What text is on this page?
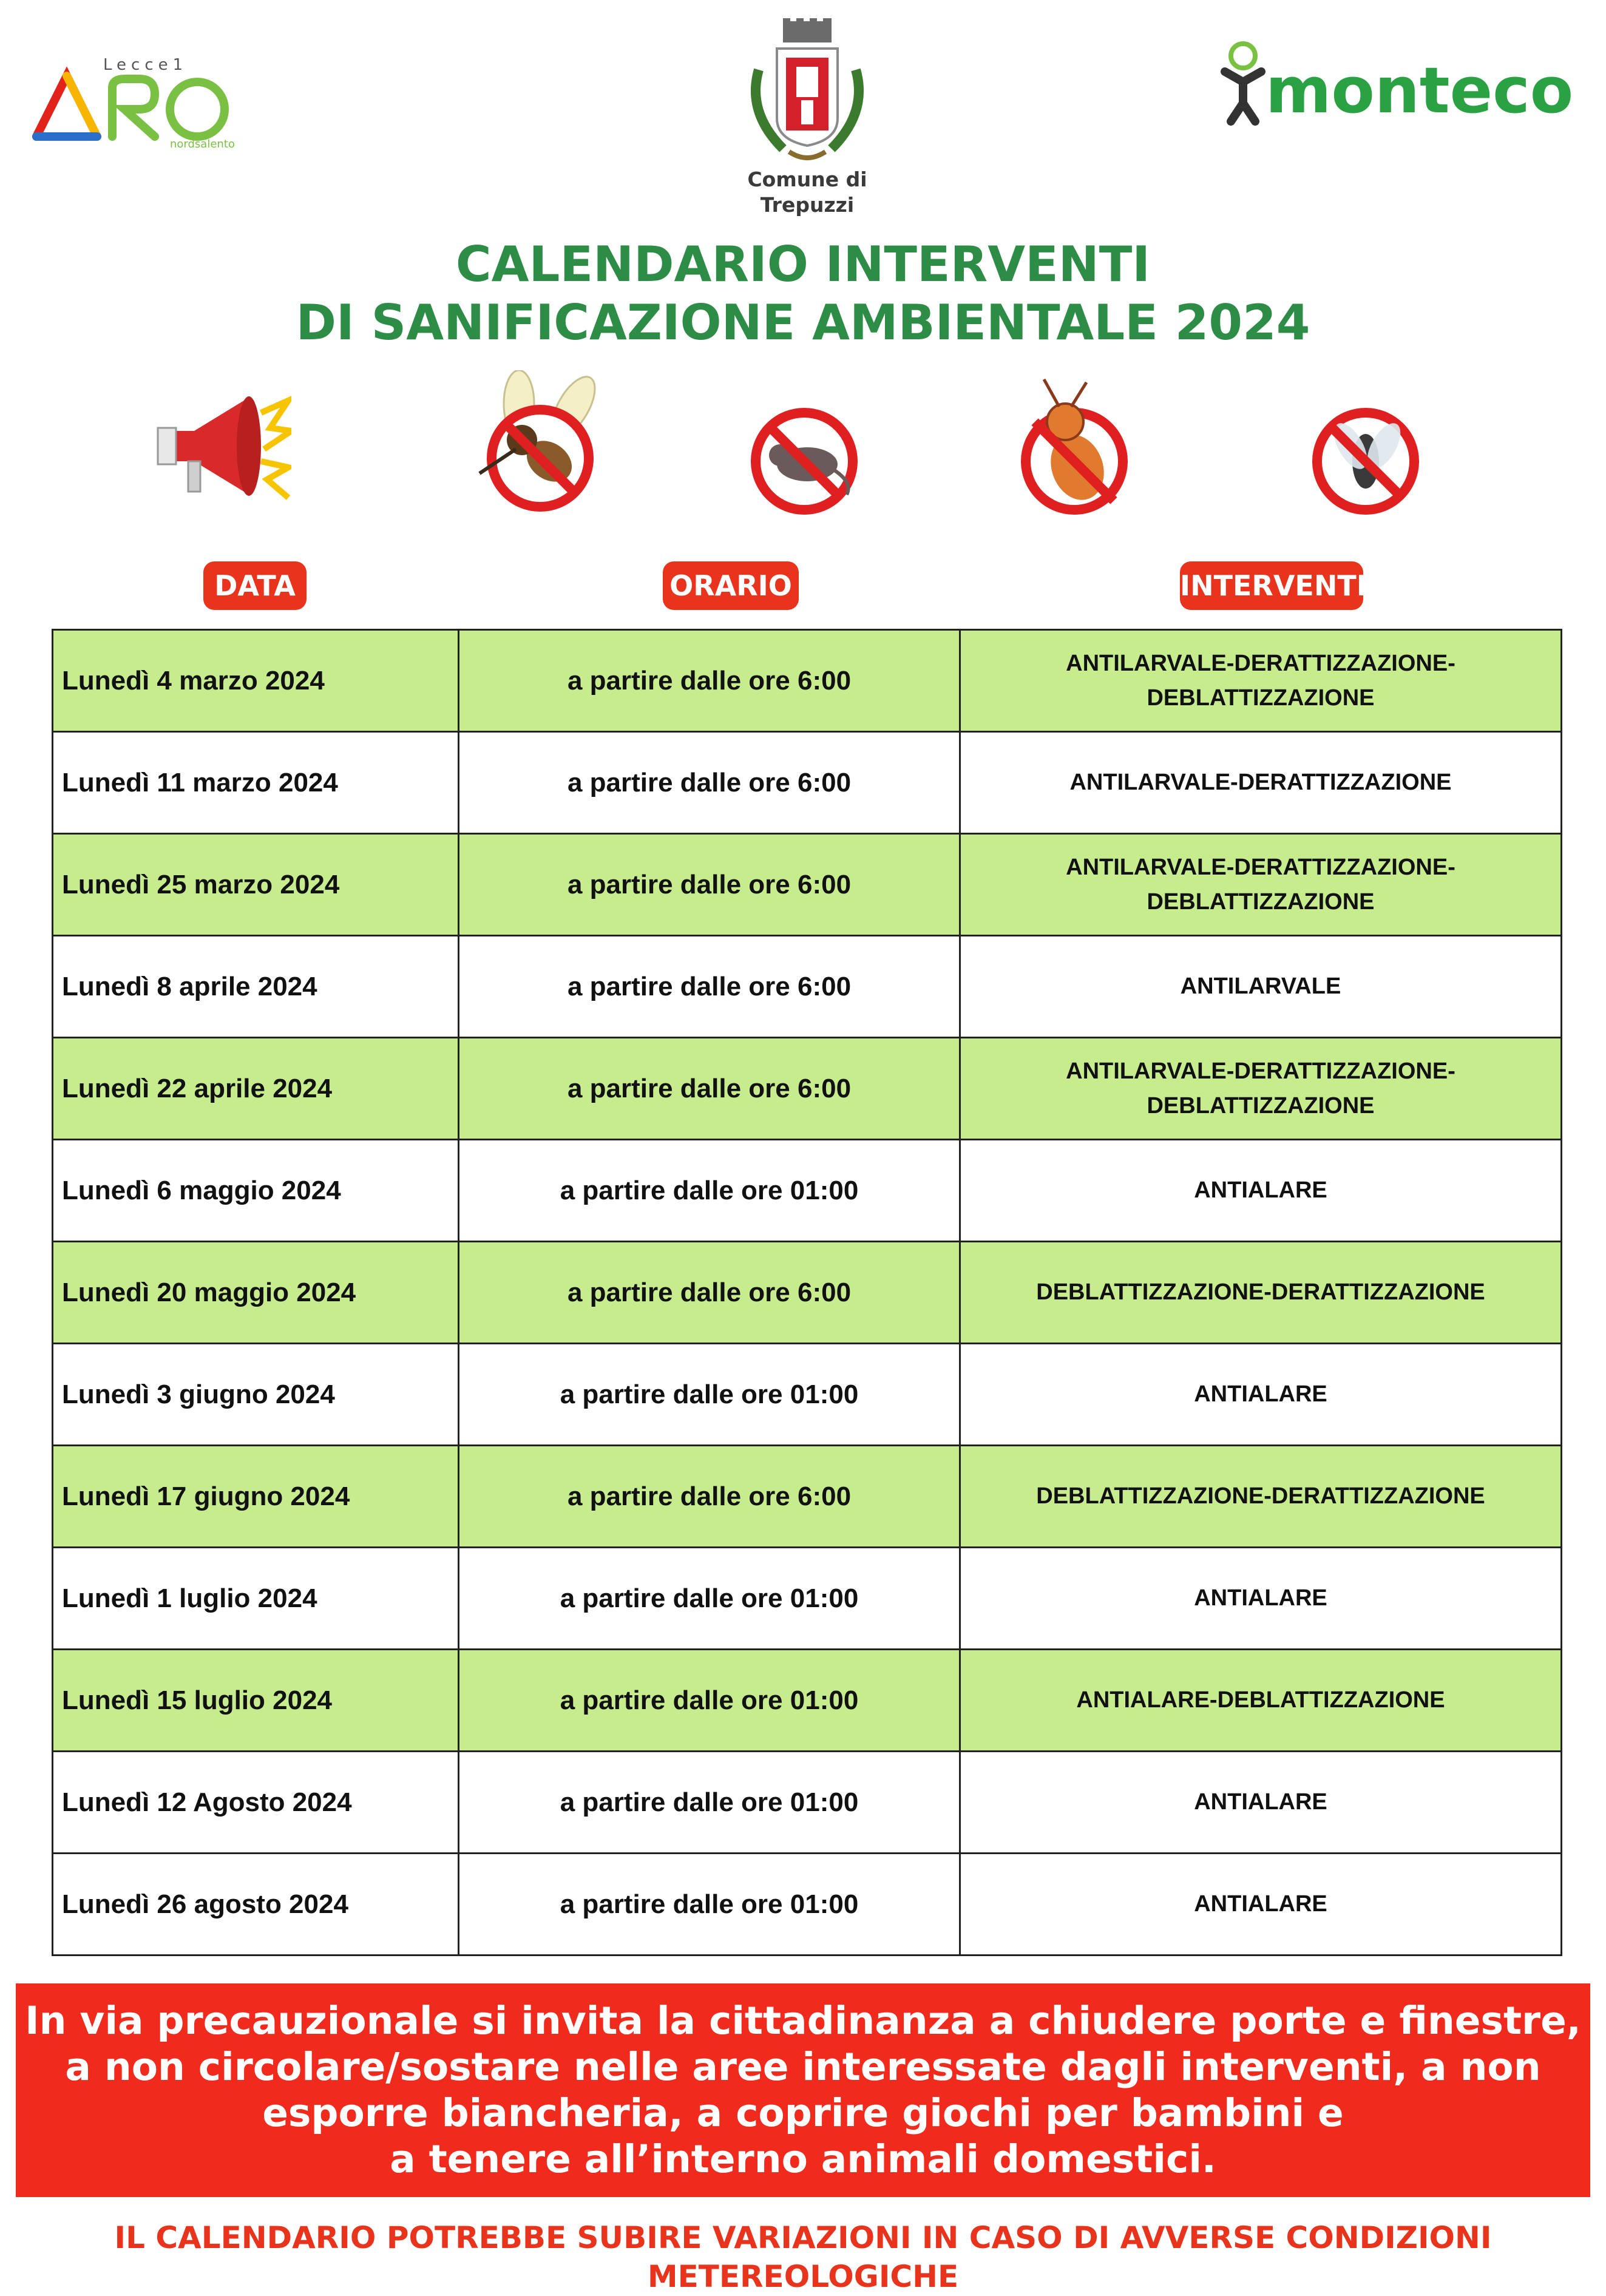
Lecce1
nordsalento
Comune di
Trepuzzi
monteco
CALENDARIO INTERVENTI
DI SANIFICAZIONE AMBIENTALE 2024
DATA	ORARIO	INTERVENTI
Lunedì 4 marzo 2024	a partire dalle ore 6:00	ANTILARVALE-DERATTIZZAZIONE-
DEBLATTIZZAZIONE

Lunedì 11 marzo 2024	a partire dalle ore 6:00	ANTILARVALE-DERATTIZZAZIONE

Lunedì 25 marzo 2024	a partire dalle ore 6:00	ANTILARVALE-DERATTIZZAZIONE-
DEBLATTIZZAZIONE

Lunedì 8 aprile 2024	a partire dalle ore 6:00	ANTILARVALE

Lunedì 22 aprile 2024	a partire dalle ore 6:00	ANTILARVALE-DERATTIZZAZIONE-
DEBLATTIZZAZIONE

Lunedì 6 maggio 2024	a partire dalle ore 01:00	ANTIALARE

Lunedì 20 maggio 2024	a partire dalle ore 6:00	DEBLATTIZZAZIONE-DERATTIZZAZIONE

Lunedì 3 giugno 2024	a partire dalle ore 01:00	ANTIALARE

Lunedì 17 giugno 2024	a partire dalle ore 6:00	DEBLATTIZZAZIONE-DERATTIZZAZIONE

Lunedì 1 luglio 2024	a partire dalle ore 01:00	ANTIALARE

Lunedì 15 luglio 2024	a partire dalle ore 01:00	ANTIALARE-DEBLATTIZZAZIONE

Lunedì 12 Agosto 2024	a partire dalle ore 01:00	ANTIALARE

Lunedì 26 agosto 2024	a partire dalle ore 01:00	ANTIALARE
In via precauzionale si invita la cittadinanza a chiudere porte e finestre,
a non circolare/sostare nelle aree interessate dagli interventi, a non
esporre biancheria, a coprire giochi per bambini e
a tenere all’interno animali domestici.
IL CALENDARIO POTREBBE SUBIRE VARIAZIONI IN CASO DI AVVERSE CONDIZIONI METEREOLOGICHE
